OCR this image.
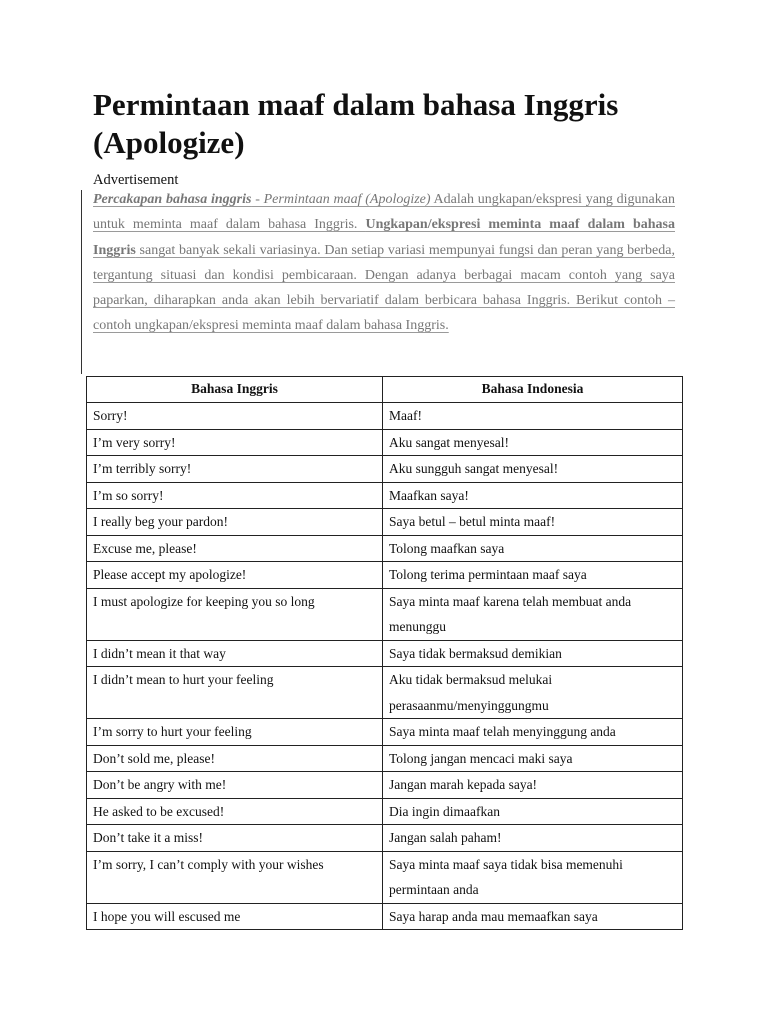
Permintaan maaf dalam bahasa Inggris (Apologize)
Advertisement

Percakapan bahasa inggris - Permintaan maaf (Apologize) Adalah ungkapan/ekspresi yang digunakan untuk meminta maaf dalam bahasa Inggris. Ungkapan/ekspresi meminta maaf dalam bahasa Inggris sangat banyak sekali variasinya. Dan setiap variasi mempunyai fungsi dan peran yang berbeda, tergantung situasi dan kondisi pembicaraan. Dengan adanya berbagai macam contoh yang saya paparkan, diharapkan anda akan lebih bervariatif dalam berbicara bahasa Inggris. Berikut contoh – contoh ungkapan/ekspresi meminta maaf dalam bahasa Inggris.

Bahasa Inggris	Bahasa Indonesia
Sorry!	Maaf!
I’m very sorry!	Aku sangat menyesal!
I’m terribly sorry!	Aku sungguh sangat menyesal!
I’m so sorry!	Maafkan saya!
I really beg your pardon!	Saya betul – betul minta maaf!
Excuse me, please!	Tolong maafkan saya
Please accept my apologize!	Tolong terima permintaan maaf saya
I must apologize for keeping you so long	Saya minta maaf karena telah membuat anda menunggu
I didn’t mean it that way	Saya tidak bermaksud demikian
I didn’t mean to hurt your feeling	Aku tidak bermaksud melukai perasaanmu/menyinggungmu
I’m sorry to hurt your feeling	Saya minta maaf telah menyinggung anda
Don’t sold me, please!	Tolong jangan mencaci maki saya
Don’t be angry with me!	Jangan marah kepada saya!
He asked to be excused!	Dia ingin dimaafkan
Don’t take it a miss!	Jangan salah paham!
I’m sorry, I can’t comply with your wishes	Saya minta maaf saya tidak bisa memenuhi permintaan anda
I hope you will escused me	Saya harap anda mau memaafkan saya
